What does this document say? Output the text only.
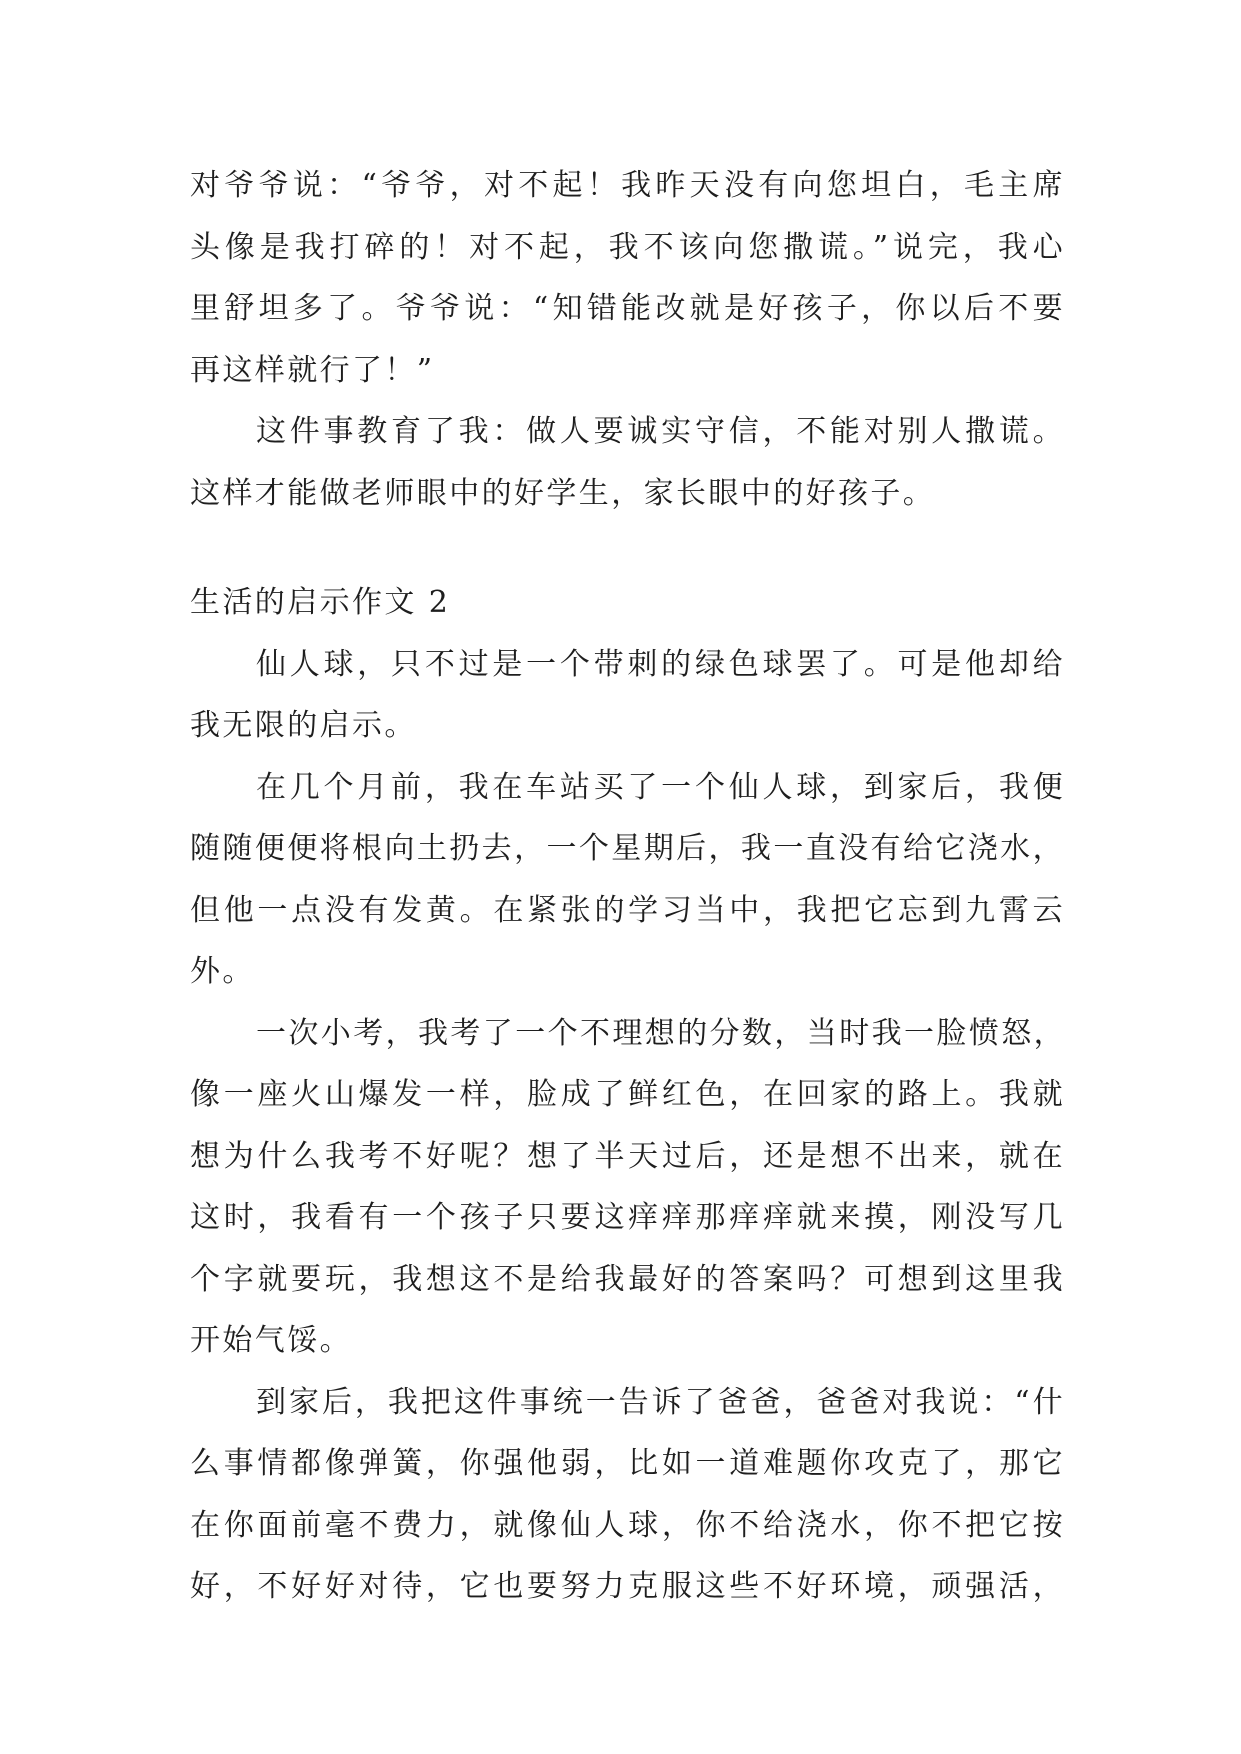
对爷爷说：“爷爷，对不起！我昨天没有向您坦白，毛主席
头像是我打碎的！对不起，我不该向您撒谎。”说完，我心
里舒坦多了。爷爷说：“知错能改就是好孩子，你以后不要
再这样就行了！”
这件事教育了我：做人要诚实守信，不能对别人撒谎。
这样才能做老师眼中的好学生，家长眼中的好孩子。
生活的启示作文 2
仙人球，只不过是一个带刺的绿色球罢了。可是他却给
我无限的启示。
在几个月前，我在车站买了一个仙人球，到家后，我便
随随便便将根向土扔去，一个星期后，我一直没有给它浇水，
但他一点没有发黄。在紧张的学习当中，我把它忘到九霄云
外。
一次小考，我考了一个不理想的分数，当时我一脸愤怒，
像一座火山爆发一样，脸成了鲜红色，在回家的路上。我就
想为什么我考不好呢？想了半天过后，还是想不出来，就在
这时，我看有一个孩子只要这痒痒那痒痒就来摸，刚没写几
个字就要玩，我想这不是给我最好的答案吗？可想到这里我
开始气馁。
到家后，我把这件事统一告诉了爸爸，爸爸对我说：“什
么事情都像弹簧，你强他弱，比如一道难题你攻克了，那它
在你面前毫不费力，就像仙人球，你不给浇水，你不把它按
好，不好好对待，它也要努力克服这些不好环境，顽强活，
